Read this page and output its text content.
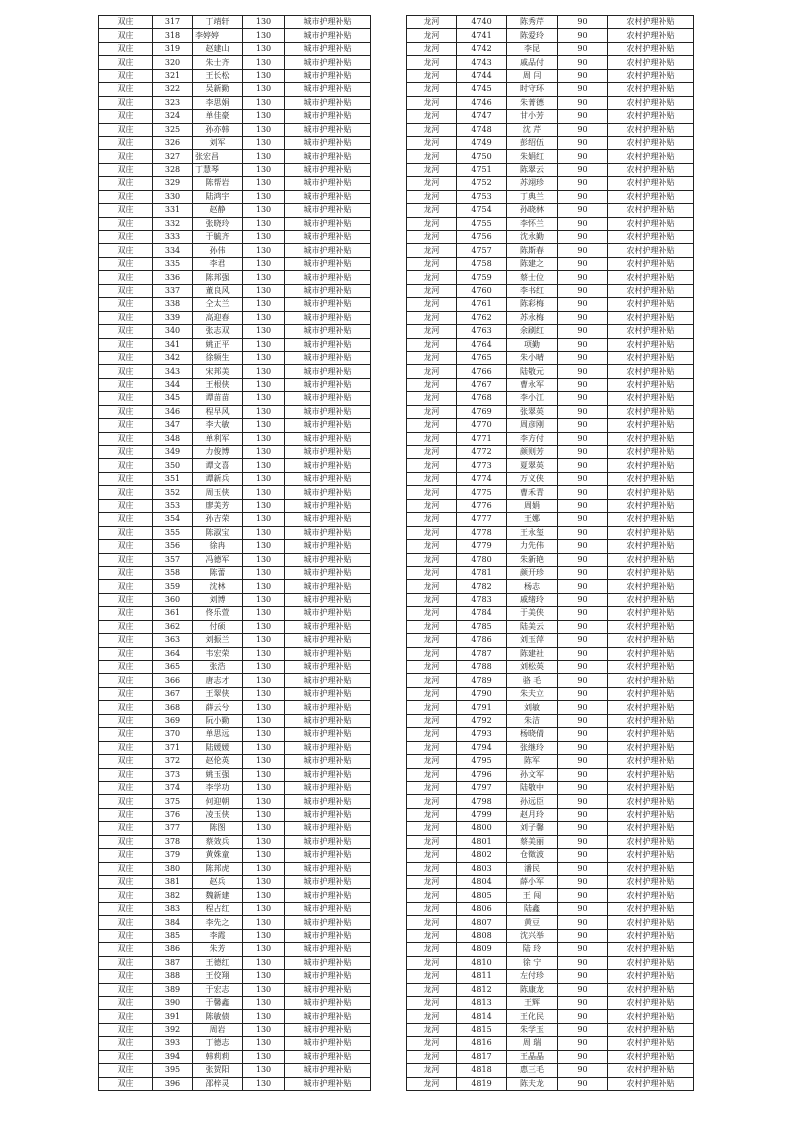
双庄	317	丁靖轩	130	城市护理补贴
双庄	318	李婷婷	130	城市护理补贴
双庄	319	赵建山	130	城市护理补贴
双庄	320	朱士齐	130	城市护理补贴
双庄	321	王长松	130	城市护理补贴
双庄	322	吴新勤	130	城市护理补贴
双庄	323	李思娟	130	城市护理补贴
双庄	324	单佳豪	130	城市护理补贴
双庄	325	孙亦韩	130	城市护理补贴
双庄	326	刘军	130	城市护理补贴
双庄	327	张宏昌	130	城市护理补贴
双庄	328	丁慧琴	130	城市护理补贴
双庄	329	陈帮岩	130	城市护理补贴
双庄	330	陆鸿宇	130	城市护理补贴
双庄	331	赵静	130	城市护理补贴
双庄	332	张晓玲	130	城市护理补贴
双庄	333	于毓齐	130	城市护理补贴
双庄	334	孙伟	130	城市护理补贴
双庄	335	李君	130	城市护理补贴
双庄	336	陈邦强	130	城市护理补贴
双庄	337	董良风	130	城市护理补贴
双庄	338	仝太兰	130	城市护理补贴
双庄	339	高迎春	130	城市护理补贴
双庄	340	张志双	130	城市护理补贴
双庄	341	姚正平	130	城市护理补贴
双庄	342	徐频生	130	城市护理补贴
双庄	343	宋邦美	130	城市护理补贴
双庄	344	王根侠	130	城市护理补贴
双庄	345	谭苗苗	130	城市护理补贴
双庄	346	程早风	130	城市护理补贴
双庄	347	李大敏	130	城市护理补贴
双庄	348	单利军	130	城市护理补贴
双庄	349	力俊博	130	城市护理补贴
双庄	350	谭文喜	130	城市护理补贴
双庄	351	谭新兵	130	城市护理补贴
双庄	352	周玉侠	130	城市护理补贴
双庄	353	廖美芳	130	城市护理补贴
双庄	354	孙吉荣	130	城市护理补贴
双庄	355	陈淑宝	130	城市护理补贴
双庄	356	徐冉	130	城市护理补贴
双庄	357	冯德军	130	城市护理补贴
双庄	358	陈蕾	130	城市护理补贴
双庄	359	沈林	130	城市护理补贴
双庄	360	刘博	130	城市护理补贴
双庄	361	佟乐萱	130	城市护理补贴
双庄	362	付硕	130	城市护理补贴
双庄	363	刘振兰	130	城市护理补贴
双庄	364	韦宏荣	130	城市护理补贴
双庄	365	张浩	130	城市护理补贴
双庄	366	唐志才	130	城市护理补贴
双庄	367	王翠侠	130	城市护理补贴
双庄	368	薛云兮	130	城市护理补贴
双庄	369	阮小勤	130	城市护理补贴
双庄	370	单思远	130	城市护理补贴
双庄	371	陆媛媛	130	城市护理补贴
双庄	372	赵伦英	130	城市护理补贴
双庄	373	姚玉强	130	城市护理补贴
双庄	374	李学功	130	城市护理补贴
双庄	375	何迎朝	130	城市护理补贴
双庄	376	凌玉侠	130	城市护理补贴
双庄	377	陈图	130	城市护理补贴
双庄	378	蔡效兵	130	城市护理补贴
双庄	379	黄姝童	130	城市护理补贴
双庄	380	陈邦虎	130	城市护理补贴
双庄	381	赵兵	130	城市护理补贴
双庄	382	魏新建	130	城市护理补贴
双庄	383	程占红	130	城市护理补贴
双庄	384	李先之	130	城市护理补贴
双庄	385	李霞	130	城市护理补贴
双庄	386	朱芳	130	城市护理补贴
双庄	387	王德红	130	城市护理补贴
双庄	388	王佼翔	130	城市护理补贴
双庄	389	于宏志	130	城市护理补贴
双庄	390	于馨鑫	130	城市护理补贴
双庄	391	陈敏债	130	城市护理补贴
双庄	392	周岩	130	城市护理补贴
双庄	393	丁德志	130	城市护理补贴
双庄	394	韩莉莉	130	城市护理补贴
双庄	395	张贺阳	130	城市护理补贴
双庄	396	邵梓灵	130	城市护理补贴
龙河	4740	陈秀芹	90	农村护理补贴
龙河	4741	陈爱玲	90	农村护理补贴
龙河	4742	李昆	90	农村护理补贴
龙河	4743	戚品付	90	农村护理补贴
龙河	4744	周 闫	90	农村护理补贴
龙河	4745	时守环	90	农村护理补贴
龙河	4746	朱菁德	90	农村护理补贴
龙河	4747	甘小芳	90	农村护理补贴
龙河	4748	沈 芹	90	农村护理补贴
龙河	4749	彭绍伍	90	农村护理补贴
龙河	4750	朱娟红	90	农村护理补贴
龙河	4751	陈翠云	90	农村护理补贴
龙河	4752	苏翊珍	90	农村护理补贴
龙河	4753	丁典兰	90	农村护理补贴
龙河	4754	孙晓林	90	农村护理补贴
龙河	4755	李怀兰	90	农村护理补贴
龙河	4756	沈永勤	90	农村护理补贴
龙河	4757	陈斯春	90	农村护理补贴
龙河	4758	陈建之	90	农村护理补贴
龙河	4759	蔡士位	90	农村护理补贴
龙河	4760	李书红	90	农村护理补贴
龙河	4761	陈彩梅	90	农村护理补贴
龙河	4762	苏永梅	90	农村护理补贴
龙河	4763	余刷红	90	农村护理补贴
龙河	4764	项勤	90	农村护理补贴
龙河	4765	朱小晴	90	农村护理补贴
龙河	4766	陆敬元	90	农村护理补贴
龙河	4767	曹永军	90	农村护理补贴
龙河	4768	李小江	90	农村护理补贴
龙河	4769	张翠英	90	农村护理补贴
龙河	4770	周彦刚	90	农村护理补贴
龙河	4771	李方付	90	农村护理补贴
龙河	4772	颜则芳	90	农村护理补贴
龙河	4773	夏翠英	90	农村护理补贴
龙河	4774	万义侠	90	农村护理补贴
龙河	4775	曹禾青	90	农村护理补贴
龙河	4776	周娟	90	农村护理补贴
龙河	4777	王娜	90	农村护理补贴
龙河	4778	王永玺	90	农村护理补贴
龙河	4779	力先伟	90	农村护理补贴
龙河	4780	朱新艳	90	农村护理补贴
龙河	4781	颜开珍	90	农村护理补贴
龙河	4782	杨志	90	农村护理补贴
龙河	4783	戚绪玲	90	农村护理补贴
龙河	4784	于美侠	90	农村护理补贴
龙河	4785	陆美云	90	农村护理补贴
龙河	4786	刘玉萍	90	农村护理补贴
龙河	4787	陈建社	90	农村护理补贴
龙河	4788	刘松英	90	农村护理补贴
龙河	4789	骆 毛	90	农村护理补贴
龙河	4790	朱夫立	90	农村护理补贴
龙河	4791	刘敏	90	农村护理补贴
龙河	4792	朱洁	90	农村护理补贴
龙河	4793	杨晓倩	90	农村护理补贴
龙河	4794	张继玲	90	农村护理补贴
龙河	4795	陈军	90	农村护理补贴
龙河	4796	孙文军	90	农村护理补贴
龙河	4797	陆敬中	90	农村护理补贴
龙河	4798	孙远臣	90	农村护理补贴
龙河	4799	赵月玲	90	农村护理补贴
龙河	4800	刘子馨	90	农村护理补贴
龙河	4801	蔡美丽	90	农村护理补贴
龙河	4802	仓徵波	90	农村护理补贴
龙河	4803	潘民	90	农村护理补贴
龙河	4804	薛小军	90	农村护理补贴
龙河	4805	王 闯	90	农村护理补贴
龙河	4806	陆鑫	90	农村护理补贴
龙河	4807	黄豆	90	农村护理补贴
龙河	4808	沈兴举	90	农村护理补贴
龙河	4809	陆 玲	90	农村护理补贴
龙河	4810	徐 宁	90	农村护理补贴
龙河	4811	左付珍	90	农村护理补贴
龙河	4812	陈康龙	90	农村护理补贴
龙河	4813	王辉	90	农村护理补贴
龙河	4814	王化民	90	农村护理补贴
龙河	4815	朱学玉	90	农村护理补贴
龙河	4816	周 瑞	90	农村护理补贴
龙河	4817	王晶晶	90	农村护理补贴
龙河	4818	惠三毛	90	农村护理补贴
龙河	4819	陈夫龙	90	农村护理补贴
